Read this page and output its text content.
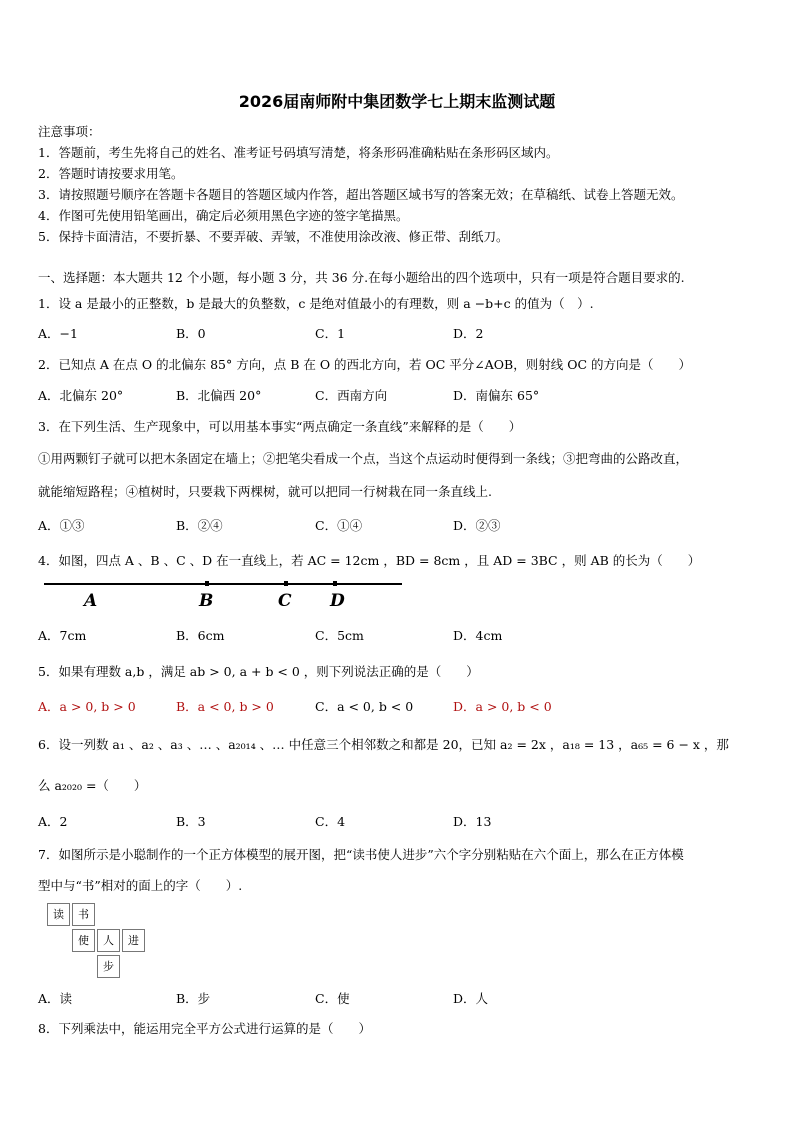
2026届南师附中集团数学七上期末监测试题
注意事项：
1．答题前，考生先将自己的姓名、准考证号码填写清楚，将条形码准确粘贴在条形码区域内。
2．答题时请按要求用笔。
3．请按照题号顺序在答题卡各题目的答题区域内作答，超出答题区域书写的答案无效；在草稿纸、试卷上答题无效。
4．作图可先使用铅笔画出，确定后必须用黑色字迹的签字笔描黑。
5．保持卡面清洁，不要折暴、不要弄破、弄皱，不准使用涂改液、修正带、刮纸刀。
一、选择题：本大题共 12 个小题，每小题 3 分，共 36 分.在每小题给出的四个选项中，只有一项是符合题目要求的.
1．设 a 是最小的正整数，b 是最大的负整数，c 是绝对值最小的有理数，则 a −b+c 的值为（　）.
A．−1	B．0	C．1	D．2
2．已知点 A 在点 O 的北偏东 85° 方向，点 B 在 O 的西北方向，若 OC 平分∠AOB，则射线 OC 的方向是（　　）
A．北偏东 20°	B．北偏西 20°	C．西南方向	D．南偏东 65°
3．在下列生活、生产现象中，可以用基本事实“两点确定一条直线”来解释的是（　　）
①用两颗钉子就可以把木条固定在墙上；②把笔尖看成一个点，当这个点运动时便得到一条线；③把弯曲的公路改直，
就能缩短路程；④植树时，只要栽下两棵树，就可以把同一行树栽在同一条直线上.
A．①③	B．②④	C．①④	D．②③
4．如图，四点 A 、B 、C 、D 在一直线上，若 AC = 12cm ，BD = 8cm ，且 AD = 3BC ，则 AB 的长为（　　）
A	B	C D
A．7cm	B．6cm	C．5cm	D．4cm
5．如果有理数 a,b ，满足 ab > 0, a + b < 0 ，则下列说法正确的是（　　）
A．a > 0, b > 0	B．a < 0, b > 0	C．a < 0, b < 0	D．a > 0, b < 0
6．设一列数 a₁ 、a₂ 、a₃ 、… 、a₂₀₁₄ 、… 中任意三个相邻数之和都是 20，已知 a₂ = 2x ，a₁₈ = 13 ，a₆₅ = 6 − x ，那
么 a₂₀₂₀ =（　　）
A．2	B．3	C．4	D．13
7．如图所示是小聪制作的一个正方体模型的展开图，把“读书使人进步”六个字分别粘贴在六个面上，那么在正方体模
型中与“书”相对的面上的字（　　）.
读	书
使	人	进
步
A．读	B．步	C．使	D．人
8．下列乘法中，能运用完全平方公式进行运算的是（　　）
